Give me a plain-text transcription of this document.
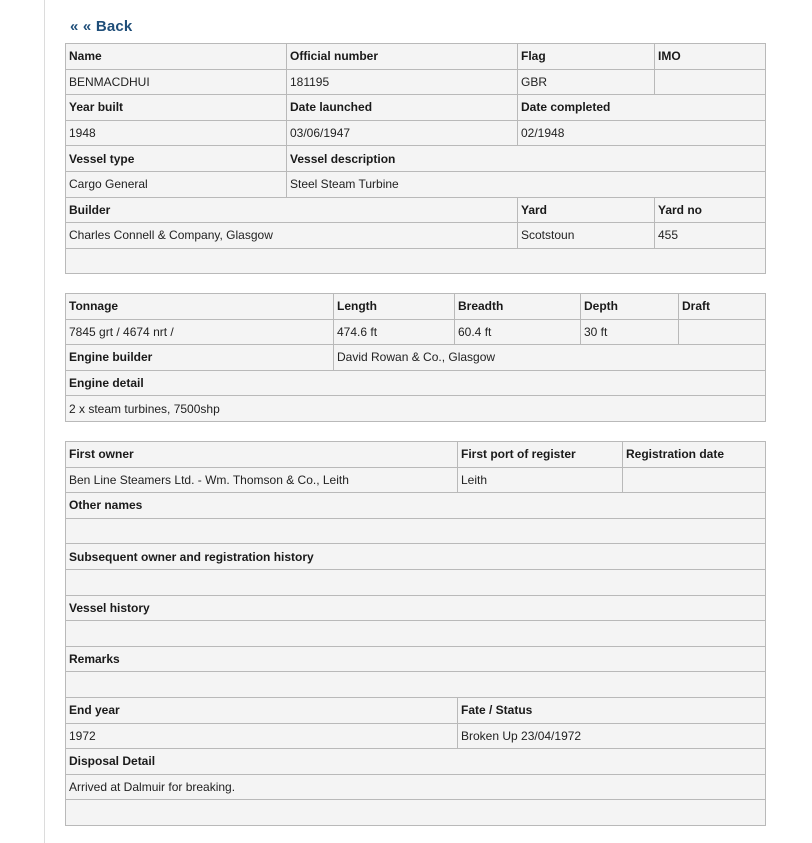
« « Back
Name	Official number	Flag	IMO
BENMACDHUI	181195	GBR	
Year built	Date launched	Date completed	
1948	03/06/1947	02/1948	
Vessel type	Vessel description		
Cargo General	Steel Steam Turbine		
Builder		Yard	Yard no
Charles Connell & Company, Glasgow		Scotstoun	455

Tonnage	Length	Breadth	Depth	Draft
7845 grt / 4674 nrt /	474.6 ft	60.4 ft	30 ft	
Engine builder	David Rowan & Co., Glasgow			
Engine detail				
2 x steam turbines, 7500shp				
First owner	First port of register	Registration date
Ben Line Steamers Ltd. - Wm. Thomson & Co., Leith	Leith	
Other names		

Subsequent owner and registration history		

Vessel history		

Remarks		

End year	Fate / Status	
1972	Broken Up 23/04/1972	
Disposal Detail		
Arrived at Dalmuir for breaking.		
